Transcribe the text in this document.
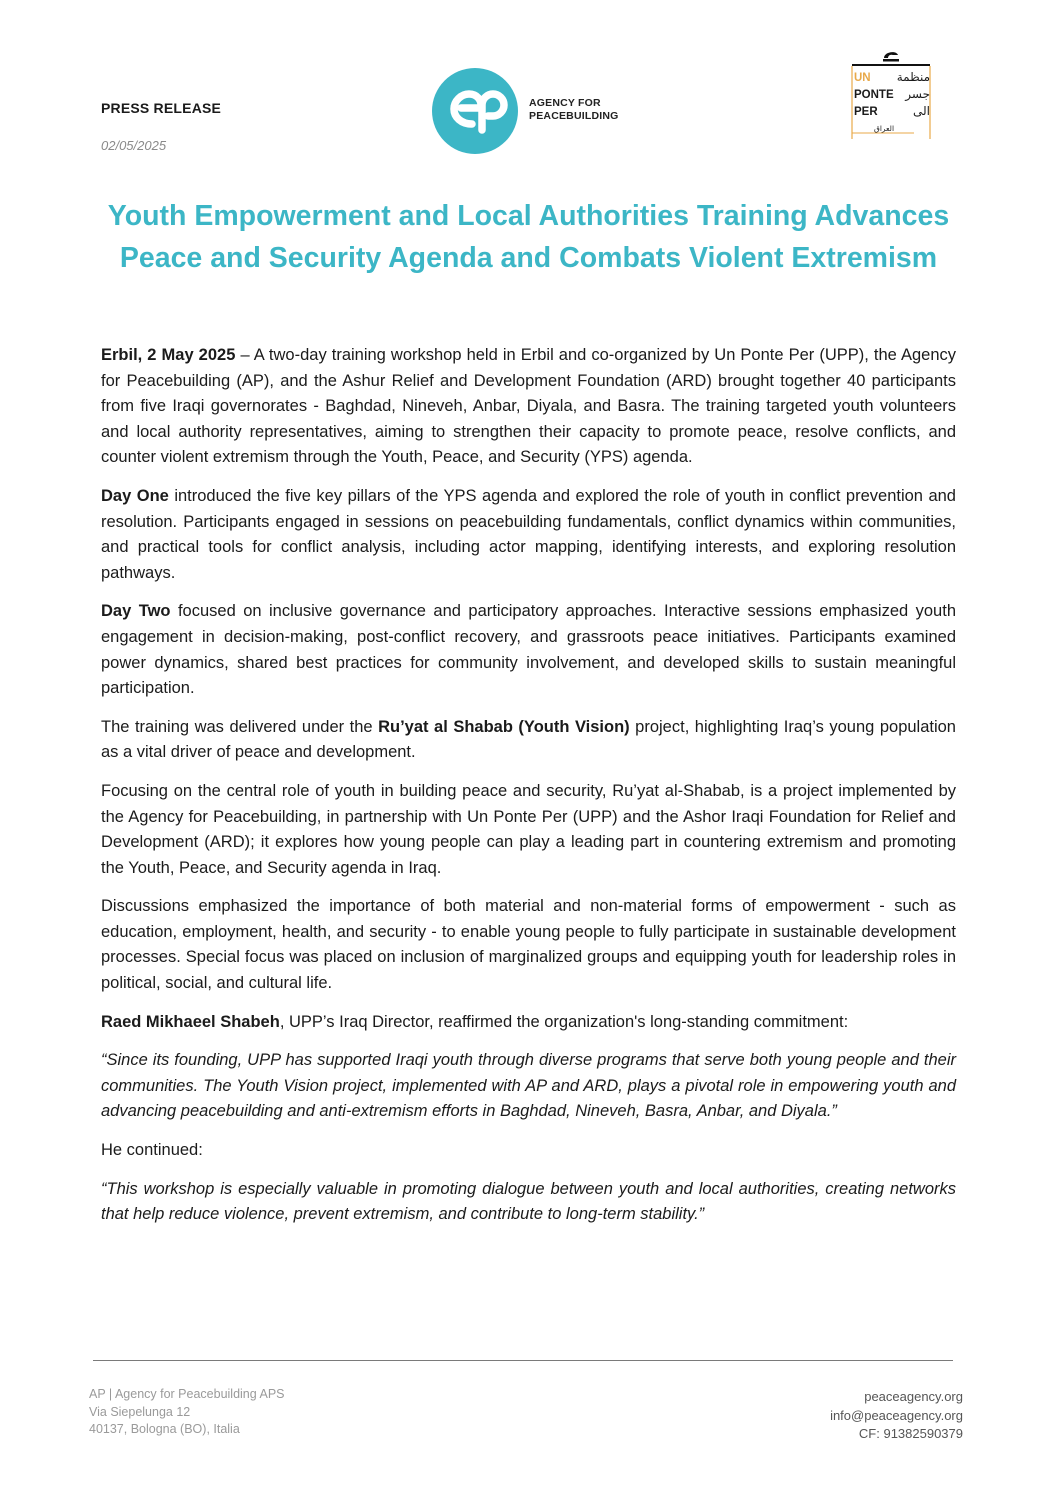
PRESS RELEASE
02/05/2025
AGENCY FOR
PEACEBUILDING
UN
PONTE
PER
منظمة
جسر
الى
العراق
Youth Empowerment and Local Authorities Training Advances Peace and Security Agenda and Combats Violent Extremism

Erbil, 2 May 2025 – A two-day training workshop held in Erbil and co-organized by Un Ponte Per (UPP), the Agency for Peacebuilding (AP), and the Ashur Relief and Development Foundation (ARD) brought together 40 participants from five Iraqi governorates - Baghdad, Nineveh, Anbar, Diyala, and Basra. The training targeted youth volunteers and local authority representatives, aiming to strengthen their capacity to promote peace, resolve conflicts, and counter violent extremism through the Youth, Peace, and Security (YPS) agenda.

Day One introduced the five key pillars of the YPS agenda and explored the role of youth in conflict prevention and resolution. Participants engaged in sessions on peacebuilding fundamentals, conflict dynamics within communities, and practical tools for conflict analysis, including actor mapping, identifying interests, and exploring resolution pathways.

Day Two focused on inclusive governance and participatory approaches. Interactive sessions emphasized youth engagement in decision-making, post-conflict recovery, and grassroots peace initiatives. Participants examined power dynamics, shared best practices for community involvement, and developed skills to sustain meaningful participation.

The training was delivered under the Ru’yat al Shabab (Youth Vision) project, highlighting Iraq’s young population as a vital driver of peace and development.

Focusing on the central role of youth in building peace and security, Ru’yat al-Shabab, is a project implemented by the Agency for Peacebuilding, in partnership with Un Ponte Per (UPP) and the Ashor Iraqi Foundation for Relief and Development (ARD); it explores how young people can play a leading part in countering extremism and promoting the Youth, Peace, and Security agenda in Iraq.

Discussions emphasized the importance of both material and non-material forms of empowerment - such as education, employment, health, and security - to enable young people to fully participate in sustainable development processes. Special focus was placed on inclusion of marginalized groups and equipping youth for leadership roles in political, social, and cultural life.

Raed Mikhaeel Shabeh, UPP’s Iraq Director, reaffirmed the organization's long-standing commitment:

“Since its founding, UPP has supported Iraqi youth through diverse programs that serve both young people and their communities. The Youth Vision project, implemented with AP and ARD, plays a pivotal role in empowering youth and advancing peacebuilding and anti-extremism efforts in Baghdad, Nineveh, Basra, Anbar, and Diyala.”

He continued:

“This workshop is especially valuable in promoting dialogue between youth and local authorities, creating networks that help reduce violence, prevent extremism, and contribute to long-term stability.”

AP | Agency for Peacebuilding APS
Via Siepelunga 12
40137, Bologna (BO), Italia
peaceagency.org
info@peaceagency.org
CF: 91382590379
